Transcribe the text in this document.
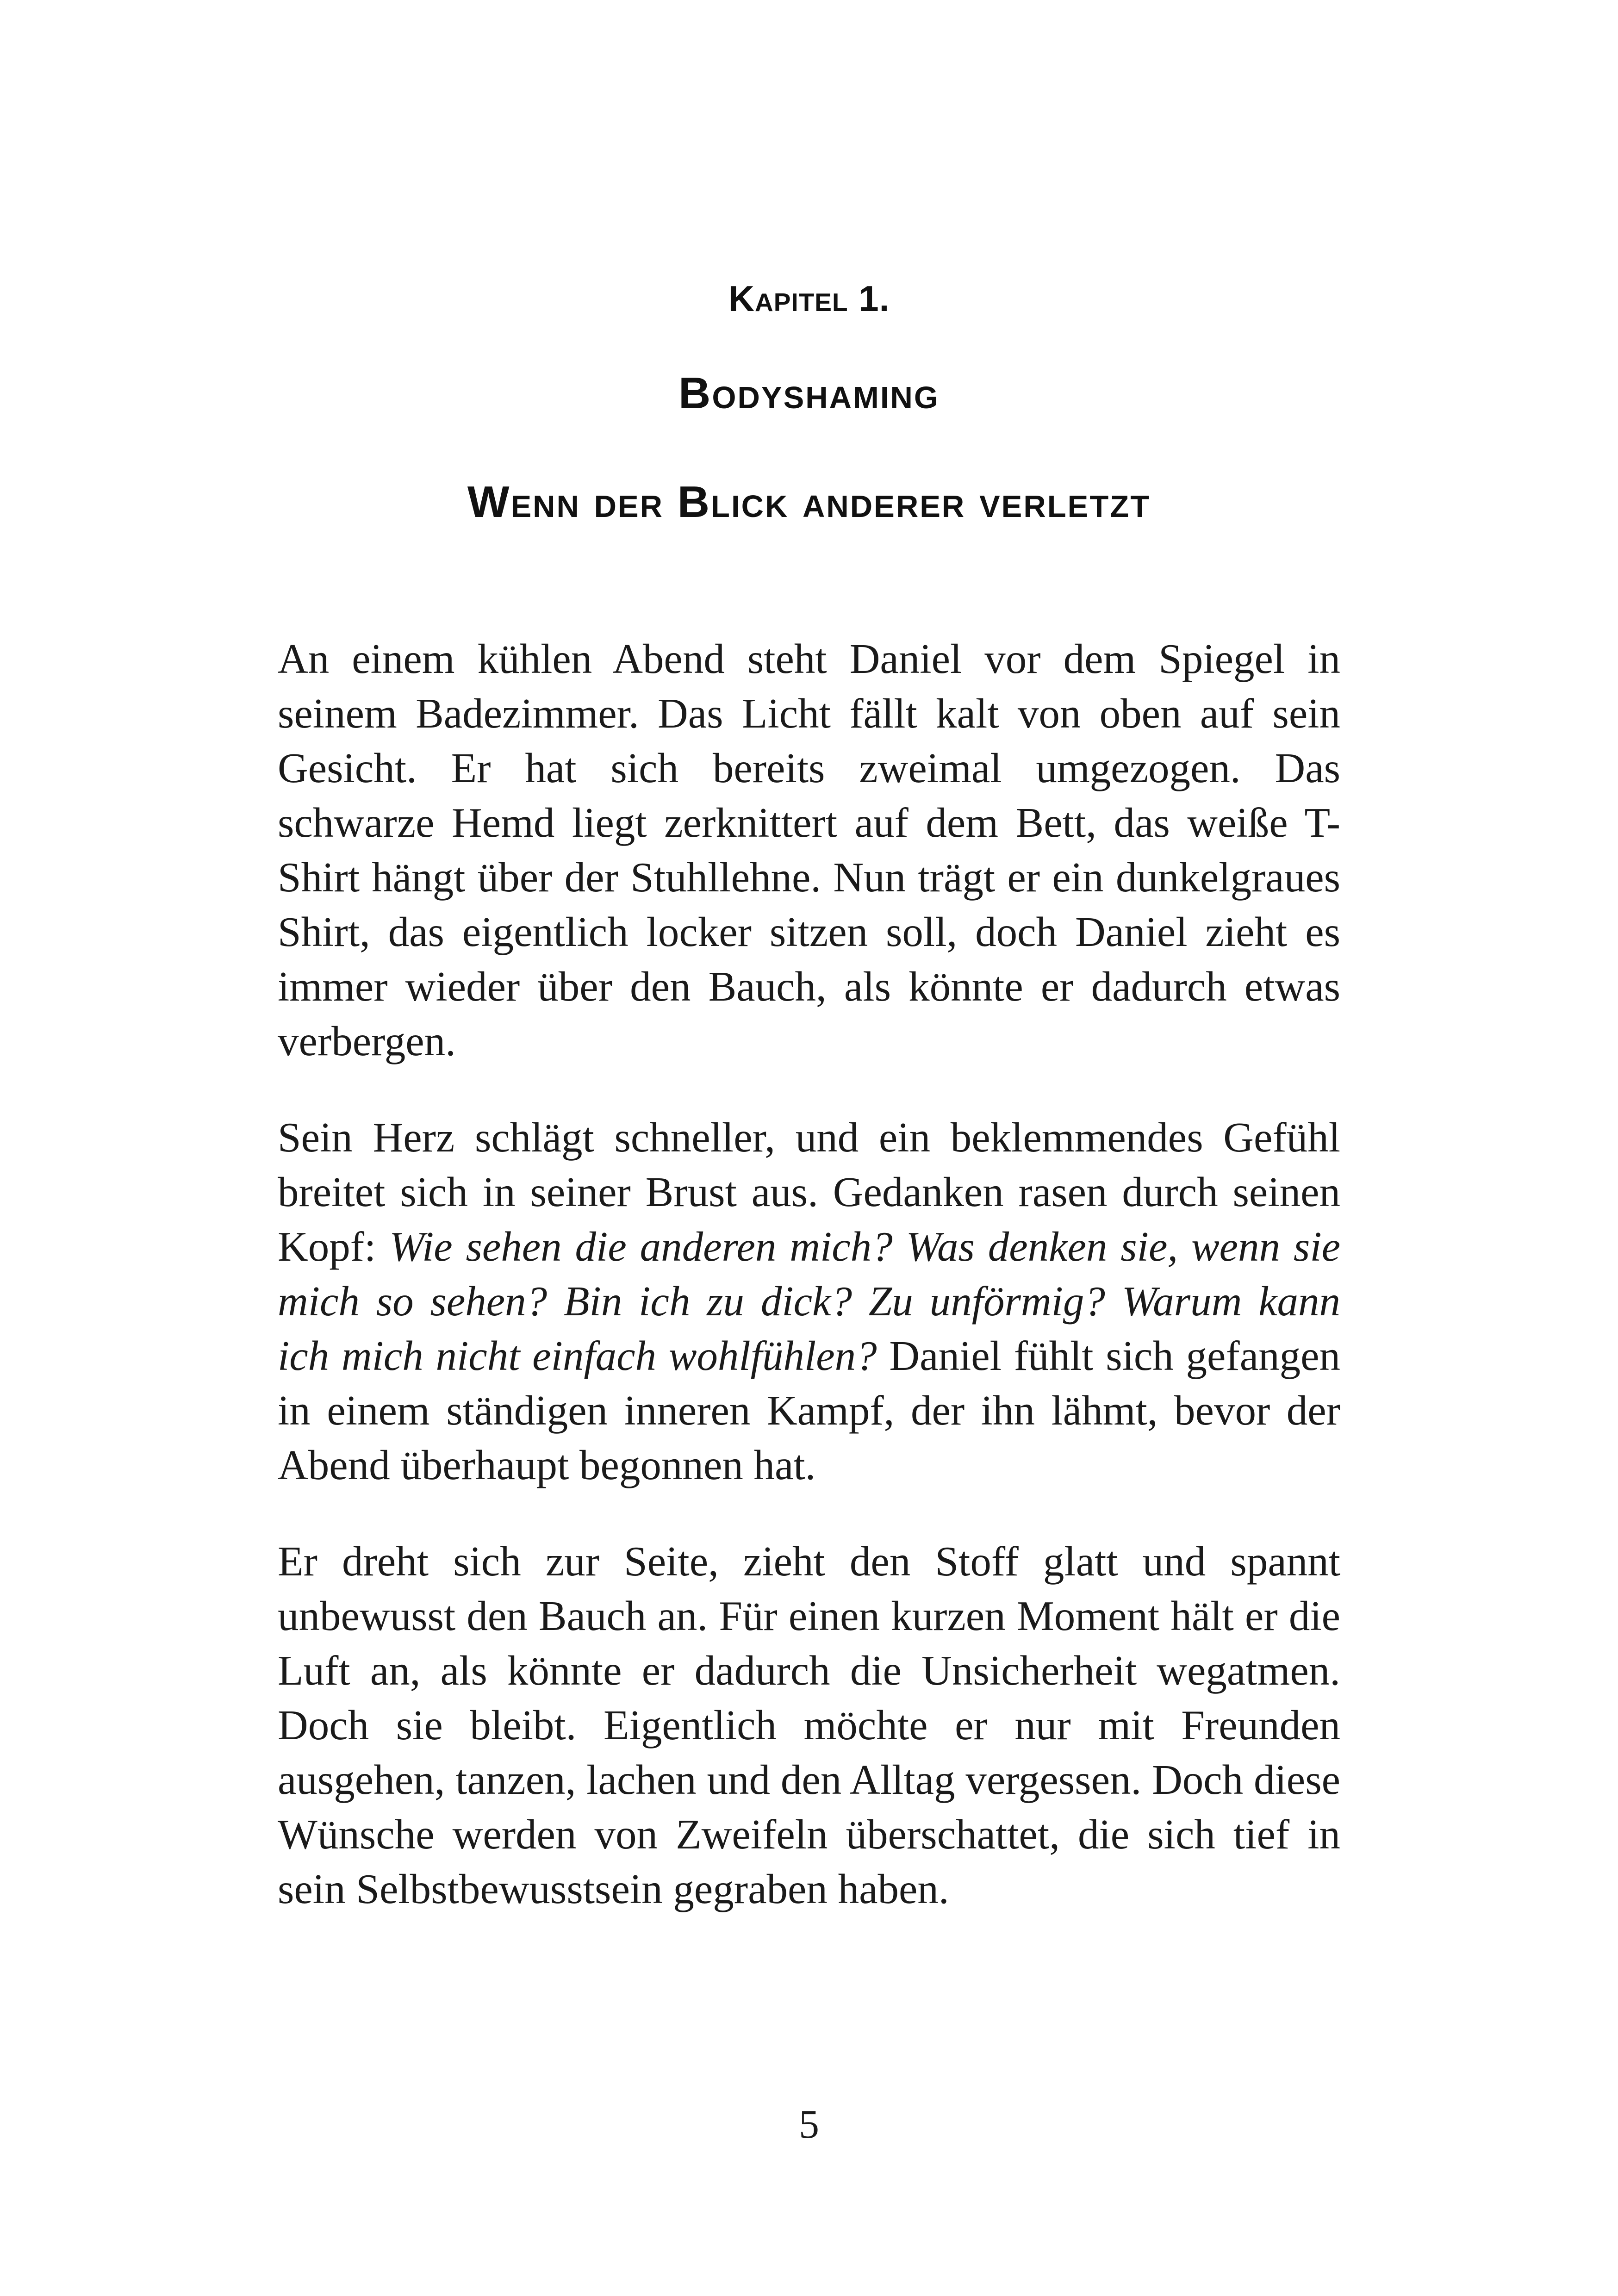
Kapitel 1.
Bodyshaming
Wenn der Blick anderer verletzt

An einem kühlen Abend steht Daniel vor dem Spiegel in seinem Badezimmer. Das Licht fällt kalt von oben auf sein Gesicht. Er hat sich bereits zweimal umgezogen. Das schwarze Hemd liegt zerknittert auf dem Bett, das weiße T-Shirt hängt über der Stuhllehne. Nun trägt er ein dunkelgraues Shirt, das eigentlich locker sitzen soll, doch Daniel zieht es immer wieder über den Bauch, als könnte er dadurch etwas verbergen.

Sein Herz schlägt schneller, und ein beklemmendes Gefühl breitet sich in seiner Brust aus. Gedanken rasen durch seinen Kopf: Wie sehen die anderen mich? Was denken sie, wenn sie mich so sehen? Bin ich zu dick? Zu unförmig? Warum kann ich mich nicht einfach wohlfühlen? Daniel fühlt sich gefangen in einem ständigen inneren Kampf, der ihn lähmt, bevor der Abend überhaupt begonnen hat.

Er dreht sich zur Seite, zieht den Stoff glatt und spannt unbewusst den Bauch an. Für einen kurzen Moment hält er die Luft an, als könnte er dadurch die Unsicherheit wegatmen. Doch sie bleibt. Eigentlich möchte er nur mit Freunden ausgehen, tanzen, lachen und den Alltag vergessen. Doch diese Wünsche werden von Zweifeln überschattet, die sich tief in sein Selbstbewusstsein gegraben haben.

5
